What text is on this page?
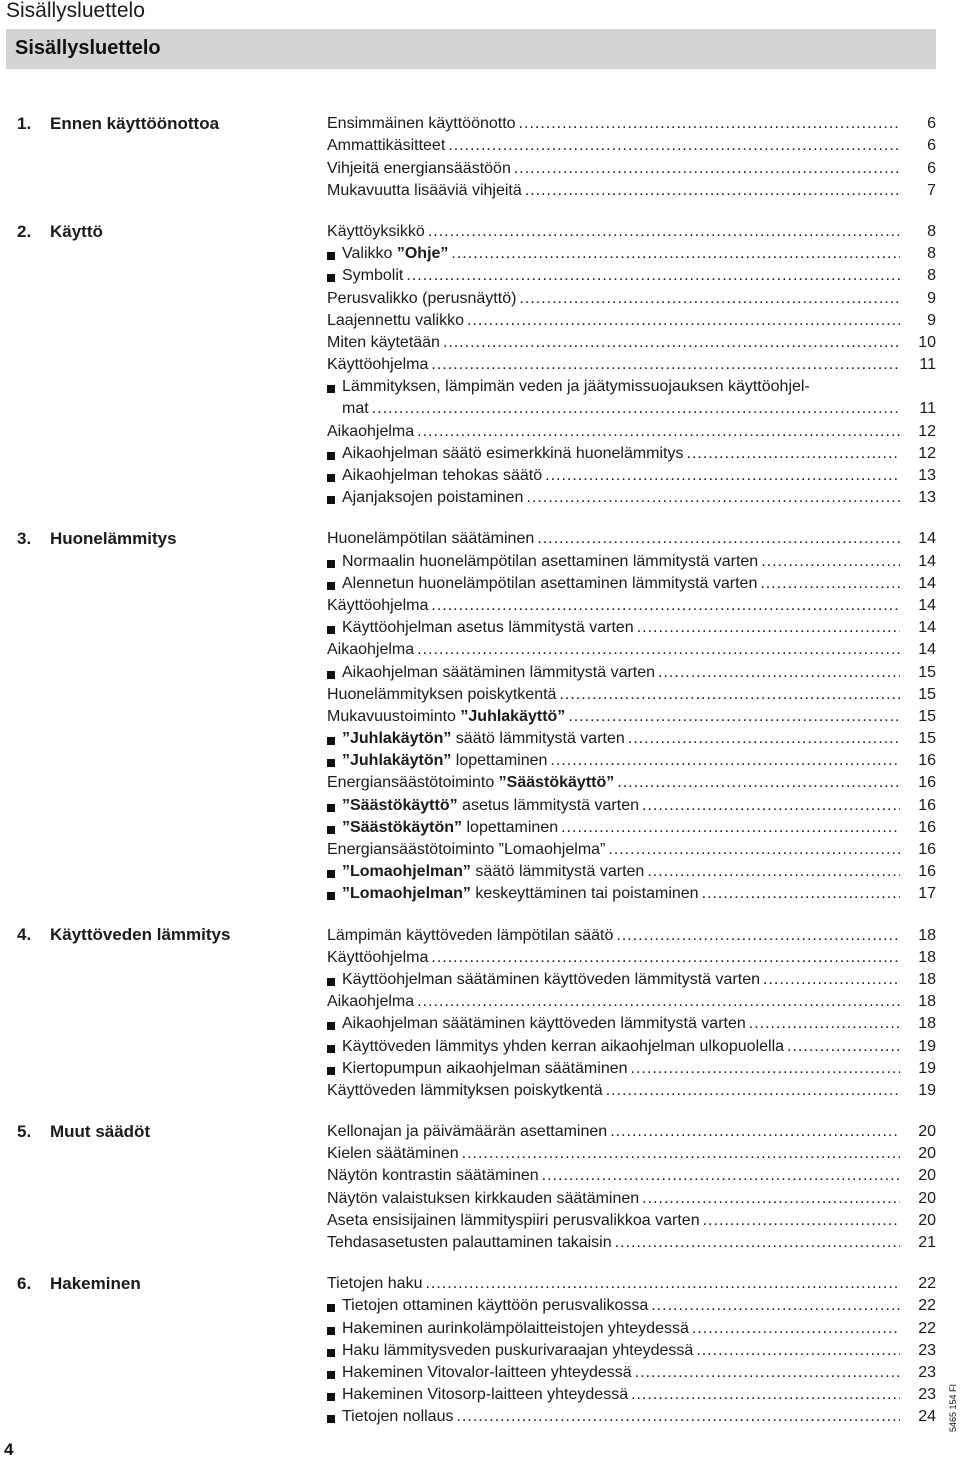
Sisällysluettelo
Sisällysluettelo
1. Ennen käyttöönottoa	Ensimmäinen käyttöönotto .....	6
Ammattikäsitteet .....	6
Vihjeitä energiansäästöön .....	6
Mukavuutta lisääviä vihjeitä .....	7
2. Käyttö	Käyttöyksikkö .....	8
Valikko ”Ohje” .....	8
Symbolit .....	8
Perusvalikko (perusnäyttö) .....	9
Laajennettu valikko .....	9
Miten käytetään .....	10
Käyttöohjelma .....	11
Lämmityksen, lämpimän veden ja jäätymissuojauksen käyttöohjel-
mat .....	11
Aikaohjelma .....	12
Aikaohjelman säätö esimerkkinä huonelämmitys .....	12
Aikaohjelman tehokas säätö .....	13
Ajanjaksojen poistaminen .....	13
3. Huonelämmitys	Huonelämpötilan säätäminen .....	14
Normaalin huonelämpötilan asettaminen lämmitystä varten .....	14
Alennetun huonelämpötilan asettaminen lämmitystä varten .....	14
Käyttöohjelma .....	14
Käyttöohjelman asetus lämmitystä varten .....	14
Aikaohjelma .....	14
Aikaohjelman säätäminen lämmitystä varten .....	15
Huonelämmityksen poiskytkentä .....	15
Mukavuustoiminto ”Juhlakäyttö” .....	15
”Juhlakäytön” säätö lämmitystä varten .....	15
”Juhlakäytön” lopettaminen .....	16
Energiansäästötoiminto ”Säästökäyttö” .....	16
”Säästökäyttö” asetus lämmitystä varten .....	16
”Säästökäytön” lopettaminen .....	16
Energiansäästötoiminto ”Lomaohjelma” .....	16
”Lomaohjelman” säätö lämmitystä varten .....	16
”Lomaohjelman” keskeyttäminen tai poistaminen .....	17
4. Käyttöveden lämmitys	Lämpimän käyttöveden lämpötilan säätö .....	18
Käyttöohjelma .....	18
Käyttöohjelman säätäminen käyttöveden lämmitystä varten .....	18
Aikaohjelma .....	18
Aikaohjelman säätäminen käyttöveden lämmitystä varten .....	18
Käyttöveden lämmitys yhden kerran aikaohjelman ulkopuolella .....	19
Kiertopumpun aikaohjelman säätäminen .....	19
Käyttöveden lämmityksen poiskytkentä .....	19
5. Muut säädöt	Kellonajan ja päivämäärän asettaminen .....	20
Kielen säätäminen .....	20
Näytön kontrastin säätäminen .....	20
Näytön valaistuksen kirkkauden säätäminen .....	20
Aseta ensisijainen lämmityspiiri perusvalikkoa varten .....	20
Tehdasasetusten palauttaminen takaisin .....	21
6. Hakeminen	Tietojen haku .....	22
Tietojen ottaminen käyttöön perusvalikossa .....	22
Hakeminen aurinkolämpölaitteistojen yhteydessä .....	22
Haku lämmitysveden puskurivaraajan yhteydessä .....	23
Hakeminen Vitovalor-laitteen yhteydessä .....	23
Hakeminen Vitosorp-laitteen yhteydessä .....	23
Tietojen nollaus .....	24
4
5465 154 FI
